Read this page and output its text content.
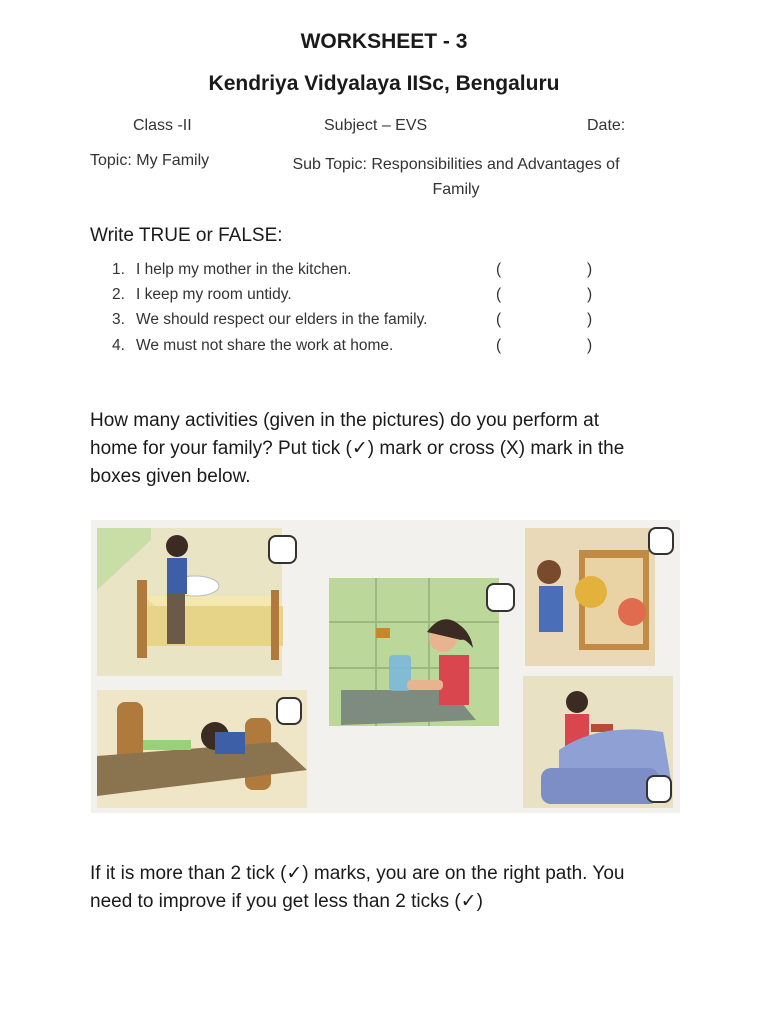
WORKSHEET - 3
Kendriya Vidyalaya IISc, Bengaluru
Class -II	Subject – EVS	Date:
Topic: My Family	Sub Topic: Responsibilities and Advantages of
Family
Write TRUE or FALSE:
1. I help my mother in the kitchen.	(	)
2. I keep my room untidy.	(	)
3. We should respect our elders in the family.	(	)
4. We must not share the work at home.	(	)
How many activities (given in the pictures) do you perform at
home for your family? Put tick (✓) mark or cross (X) mark in the
boxes given below.
If it is more than 2 tick (✓) marks, you are on the right path. You
need to improve if you get less than 2 ticks (✓)
